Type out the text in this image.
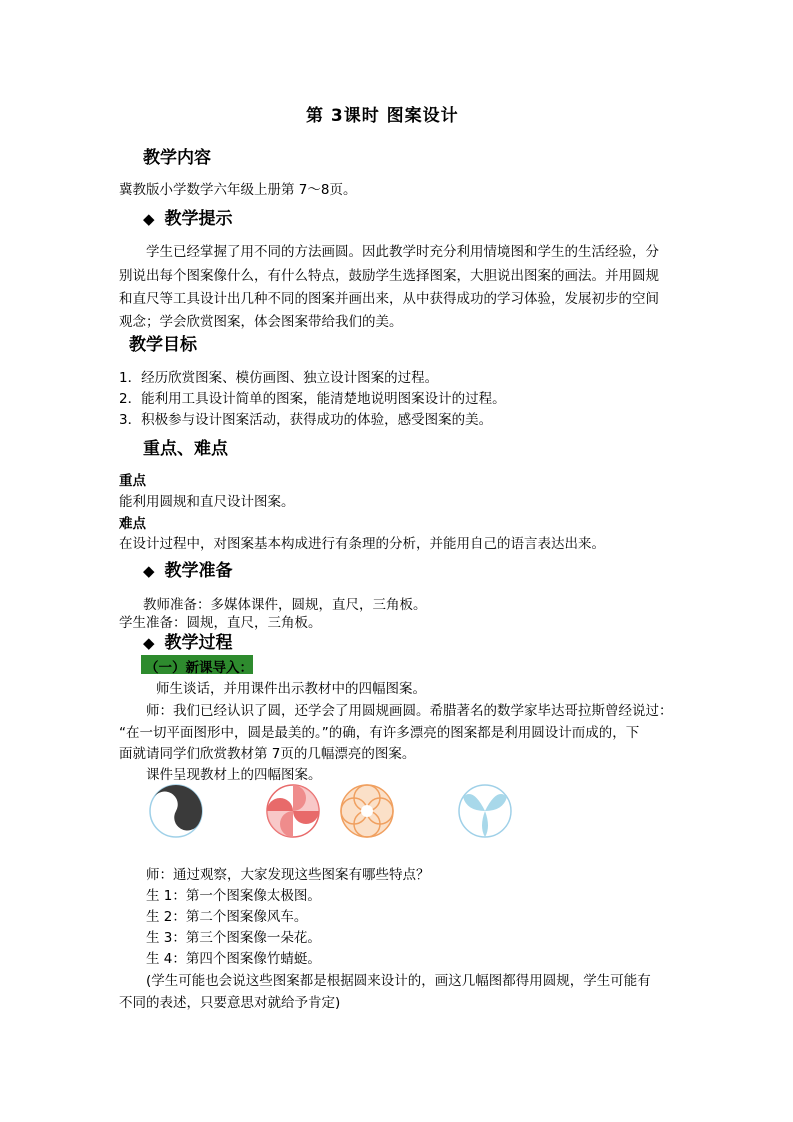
第 3课时 图案设计
教学内容
冀教版小学数学六年级上册第 7～8页。
◆ 教学提示
学生已经掌握了用不同的方法画圆。因此教学时充分利用情境图和学生的生活经验，分
别说出每个图案像什么，有什么特点，鼓励学生选择图案，大胆说出图案的画法。并用圆规
和直尺等工具设计出几种不同的图案并画出来，从中获得成功的学习体验，发展初步的空间
观念；学会欣赏图案，体会图案带给我们的美。
教学目标
1．经历欣赏图案、模仿画图、独立设计图案的过程。
2．能利用工具设计简单的图案，能清楚地说明图案设计的过程。
3．积极参与设计图案活动，获得成功的体验，感受图案的美。
重点、难点
重点
能利用圆规和直尺设计图案。
难点
在设计过程中，对图案基本构成进行有条理的分析，并能用自己的语言表达出来。
◆ 教学准备
教师准备：多媒体课件，圆规，直尺，三角板。
学生准备：圆规，直尺，三角板。
◆ 教学过程
（一）新课导入：
师生谈话，并用课件出示教材中的四幅图案。
师：我们已经认识了圆，还学会了用圆规画圆。希腊著名的数学家毕达哥拉斯曾经说过：
“在一切平面图形中，圆是最美的。”的确，有许多漂亮的图案都是利用圆设计而成的，下
面就请同学们欣赏教材第 7页的几幅漂亮的图案。
课件呈现教材上的四幅图案。
师：通过观察，大家发现这些图案有哪些特点？
生 1：第一个图案像太极图。
生 2：第二个图案像风车。
生 3：第三个图案像一朵花。
生 4：第四个图案像竹蜻蜓。
(学生可能也会说这些图案都是根据圆来设计的，画这几幅图都得用圆规，学生可能有
不同的表述，只要意思对就给予肯定)
